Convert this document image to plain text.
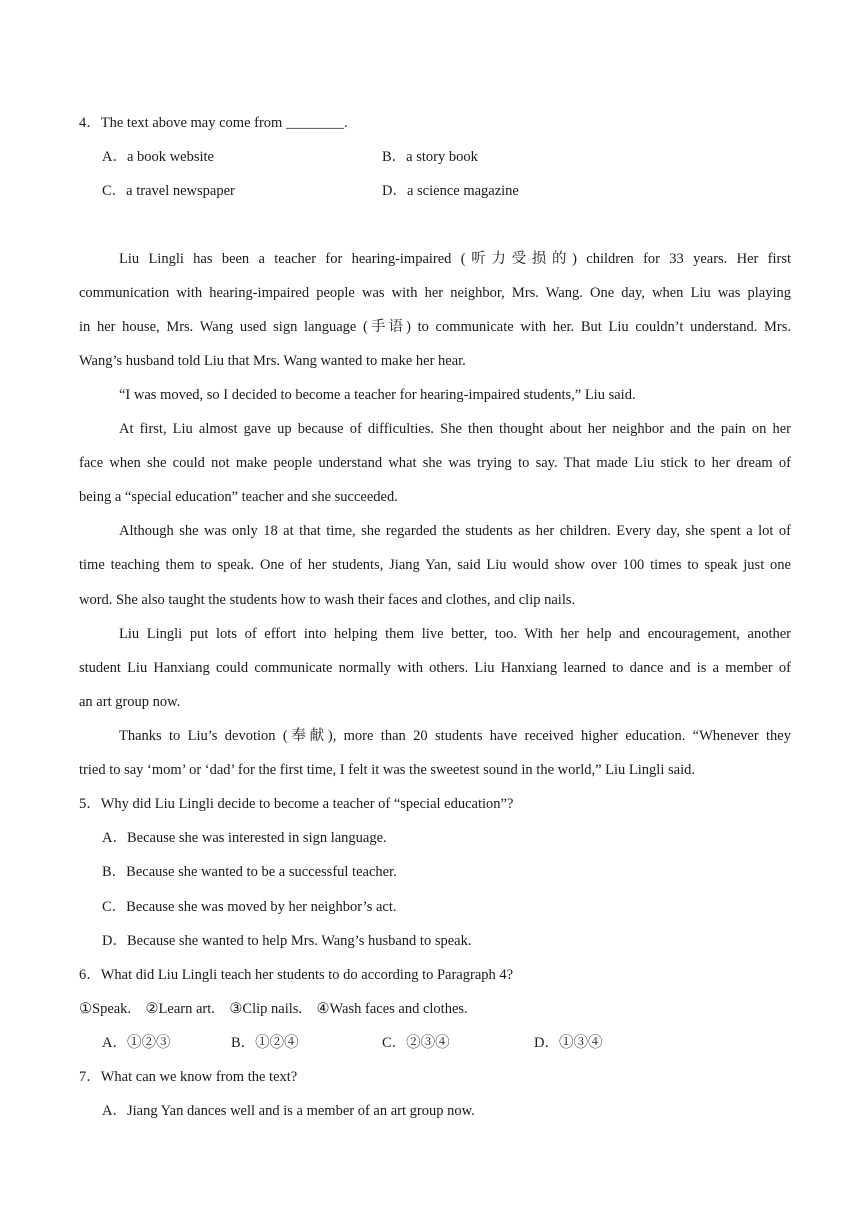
4．The text above may come from ________.
A．a book website	B．a story book
C．a travel newspaper	D．a science magazine
Liu Lingli has been a teacher for hearing-impaired (听力受损的) children for 33 years. Her first
communication with hearing-impaired people was with her neighbor, Mrs. Wang. One day, when Liu was playing
in her house, Mrs. Wang used sign language (手语) to communicate with her. But Liu couldn’t understand. Mrs.
Wang’s husband told Liu that Mrs. Wang wanted to make her hear.
“I was moved, so I decided to become a teacher for hearing-impaired students,” Liu said.
At first, Liu almost gave up because of difficulties. She then thought about her neighbor and the pain on her
face when she could not make people understand what she was trying to say. That made Liu stick to her dream of
being a “special education” teacher and she succeeded.
Although she was only 18 at that time, she regarded the students as her children. Every day, she spent a lot of
time teaching them to speak. One of her students, Jiang Yan, said Liu would show over 100 times to speak just one
word. She also taught the students how to wash their faces and clothes, and clip nails.
Liu Lingli put lots of effort into helping them live better, too. With her help and encouragement, another
student Liu Hanxiang could communicate normally with others. Liu Hanxiang learned to dance and is a member of
an art group now.
Thanks to Liu’s devotion (奉献), more than 20 students have received higher education. “Whenever they
tried to say ‘mom’ or ‘dad’ for the first time, I felt it was the sweetest sound in the world,” Liu Lingli said.
5．Why did Liu Lingli decide to become a teacher of “special education”?
A．Because she was interested in sign language.
B．Because she wanted to be a successful teacher.
C．Because she was moved by her neighbor’s act.
D．Because she wanted to help Mrs. Wang’s husband to speak.
6．What did Liu Lingli teach her students to do according to Paragraph 4?
①Speak.　②Learn art.　③Clip nails.　④Wash faces and clothes.
A．①②③	B．①②④	C．②③④	D．①③④
7．What can we know from the text?
A．Jiang Yan dances well and is a member of an art group now.
